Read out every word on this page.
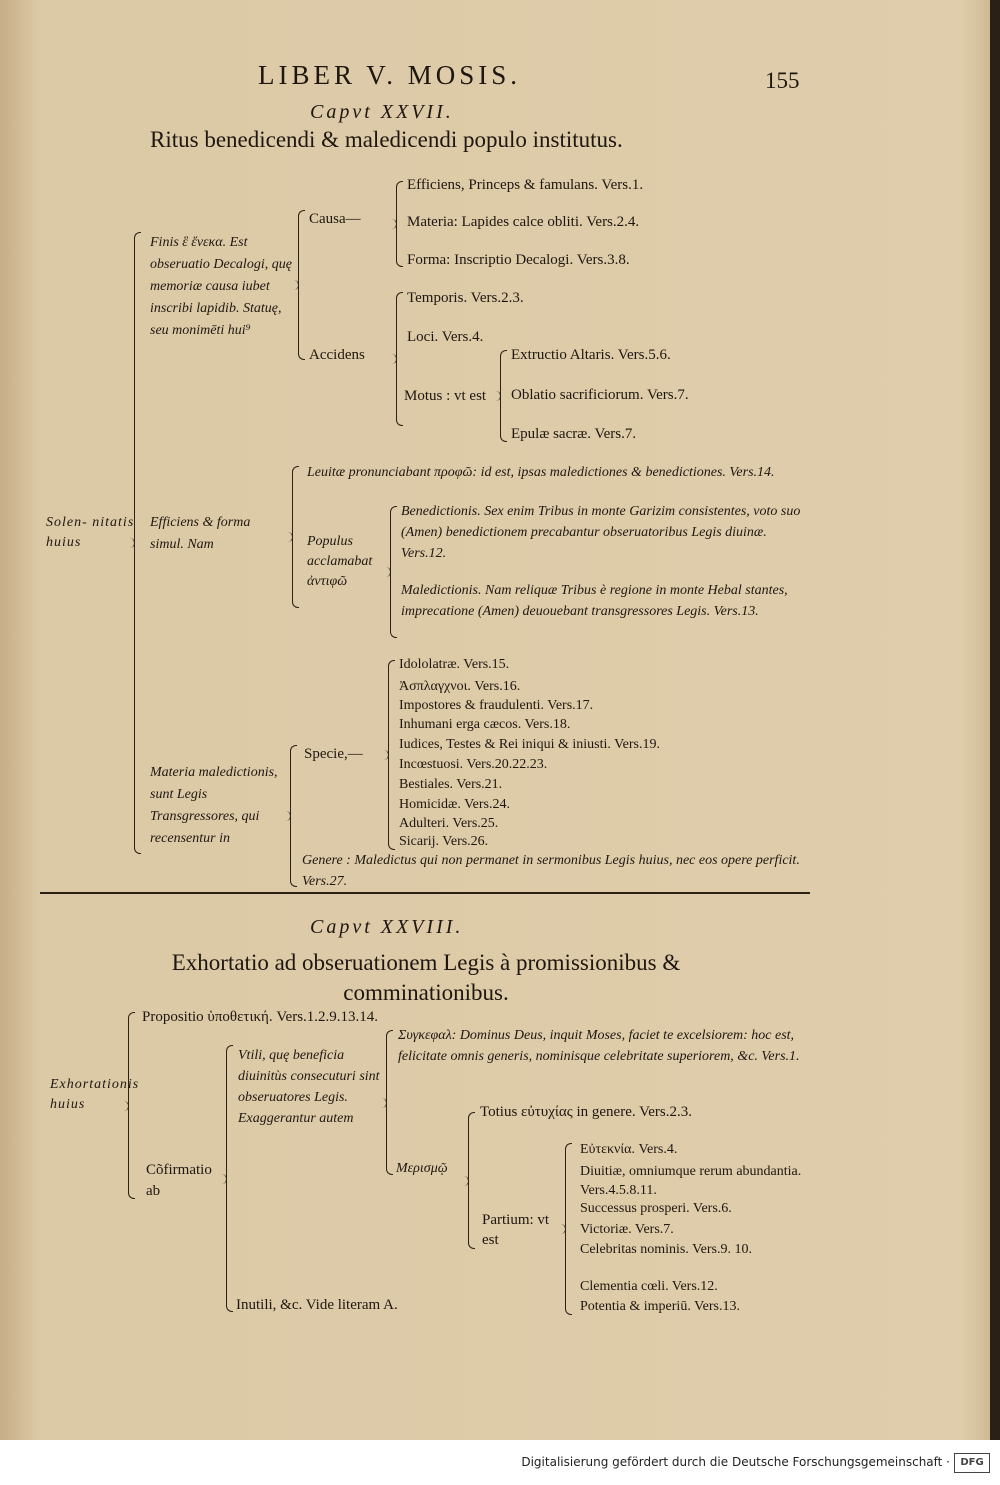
LIBER V. MOSIS.	155
Capvt XXVII.
Ritus benedicendi & maledicendi populo institutus.
Solen- nitatis huius
Finis ἓ ἕνεκα. Est obseruatio Decalogi, quę memoriæ causa iubet inscribi lapidib. Statuę, seu monimēti hui⁹
Causa—
Efficiens, Princeps & famulans. Vers.1.
Materia: Lapides calce obliti. Vers.2.4.
Forma: Inscriptio Decalogi. Vers.3.8.
Accidens
Temporis. Vers.2.3.
Loci. Vers.4.
Motus : vt est
Extructio Altaris. Vers.5.6.
Oblatio sacrificiorum. Vers.7.
Epulæ sacræ. Vers.7.
Efficiens & forma simul. Nam
Leuitæ pronunciabant προφῶ: id est, ipsas maledictiones & benedictiones. Vers.14.
Populus acclamabat ἀντιφῶ
Benedictionis. Sex enim Tribus in monte Garizim consistentes, voto suo (Amen) benedictionem precabantur obseruatoribus Legis diuinæ. Vers.12.
Maledictionis. Nam reliquæ Tribus è regione in monte Hebal stantes, imprecatione (Amen) deuouebant transgressores Legis. Vers.13.
Materia maledictionis, sunt Legis Transgressores, qui recensentur in
Specie,—
Idololatræ. Vers.15.
Ἀσπλαγχνοι. Vers.16.
Impostores & fraudulenti. Vers.17.
Inhumani erga cæcos. Vers.18.
Iudices, Testes & Rei iniqui & iniusti. Vers.19.
Incœstuosi. Vers.20.22.23.
Bestiales. Vers.21.
Homicidæ. Vers.24.
Adulteri. Vers.25.
Sicarij. Vers.26.
Genere : Maledictus qui non permanet in sermonibus Legis huius, nec eos opere perficit. Vers.27.
Capvt XXVIII.
Exhortatio ad obseruationem Legis à promissionibus & comminationibus.
Exhortationis huius
Propositio ὑποθετική. Vers.1.2.9.13.14.
Cõfirmatio ab
Vtili, quę beneficia diuinitùs consecuturi sint obseruatores Legis. Exaggerantur autem
Συγκεφαλ: Dominus Deus, inquit Moses, faciet te excelsiorem: hoc est, felicitate omnis generis, nominisque celebritate superiorem, &c. Vers.1.
Μερισμῷ
Totius εὐτυχίας in genere. Vers.2.3.
Partium: vt est
Εὐτεκνία. Vers.4.
Diuitiæ, omniumque rerum abundantia. Vers.4.5.8.11.
Successus prosperi. Vers.6.
Victoriæ. Vers.7.
Celebritas nominis. Vers.9. 10.
Clementia cœli. Vers.12.
Potentia & imperiū. Vers.13.
Inutili, &c. Vide literam A.
Digitalisierung gefördert durch die Deutsche Forschungsgemeinschaft ·	DFG
